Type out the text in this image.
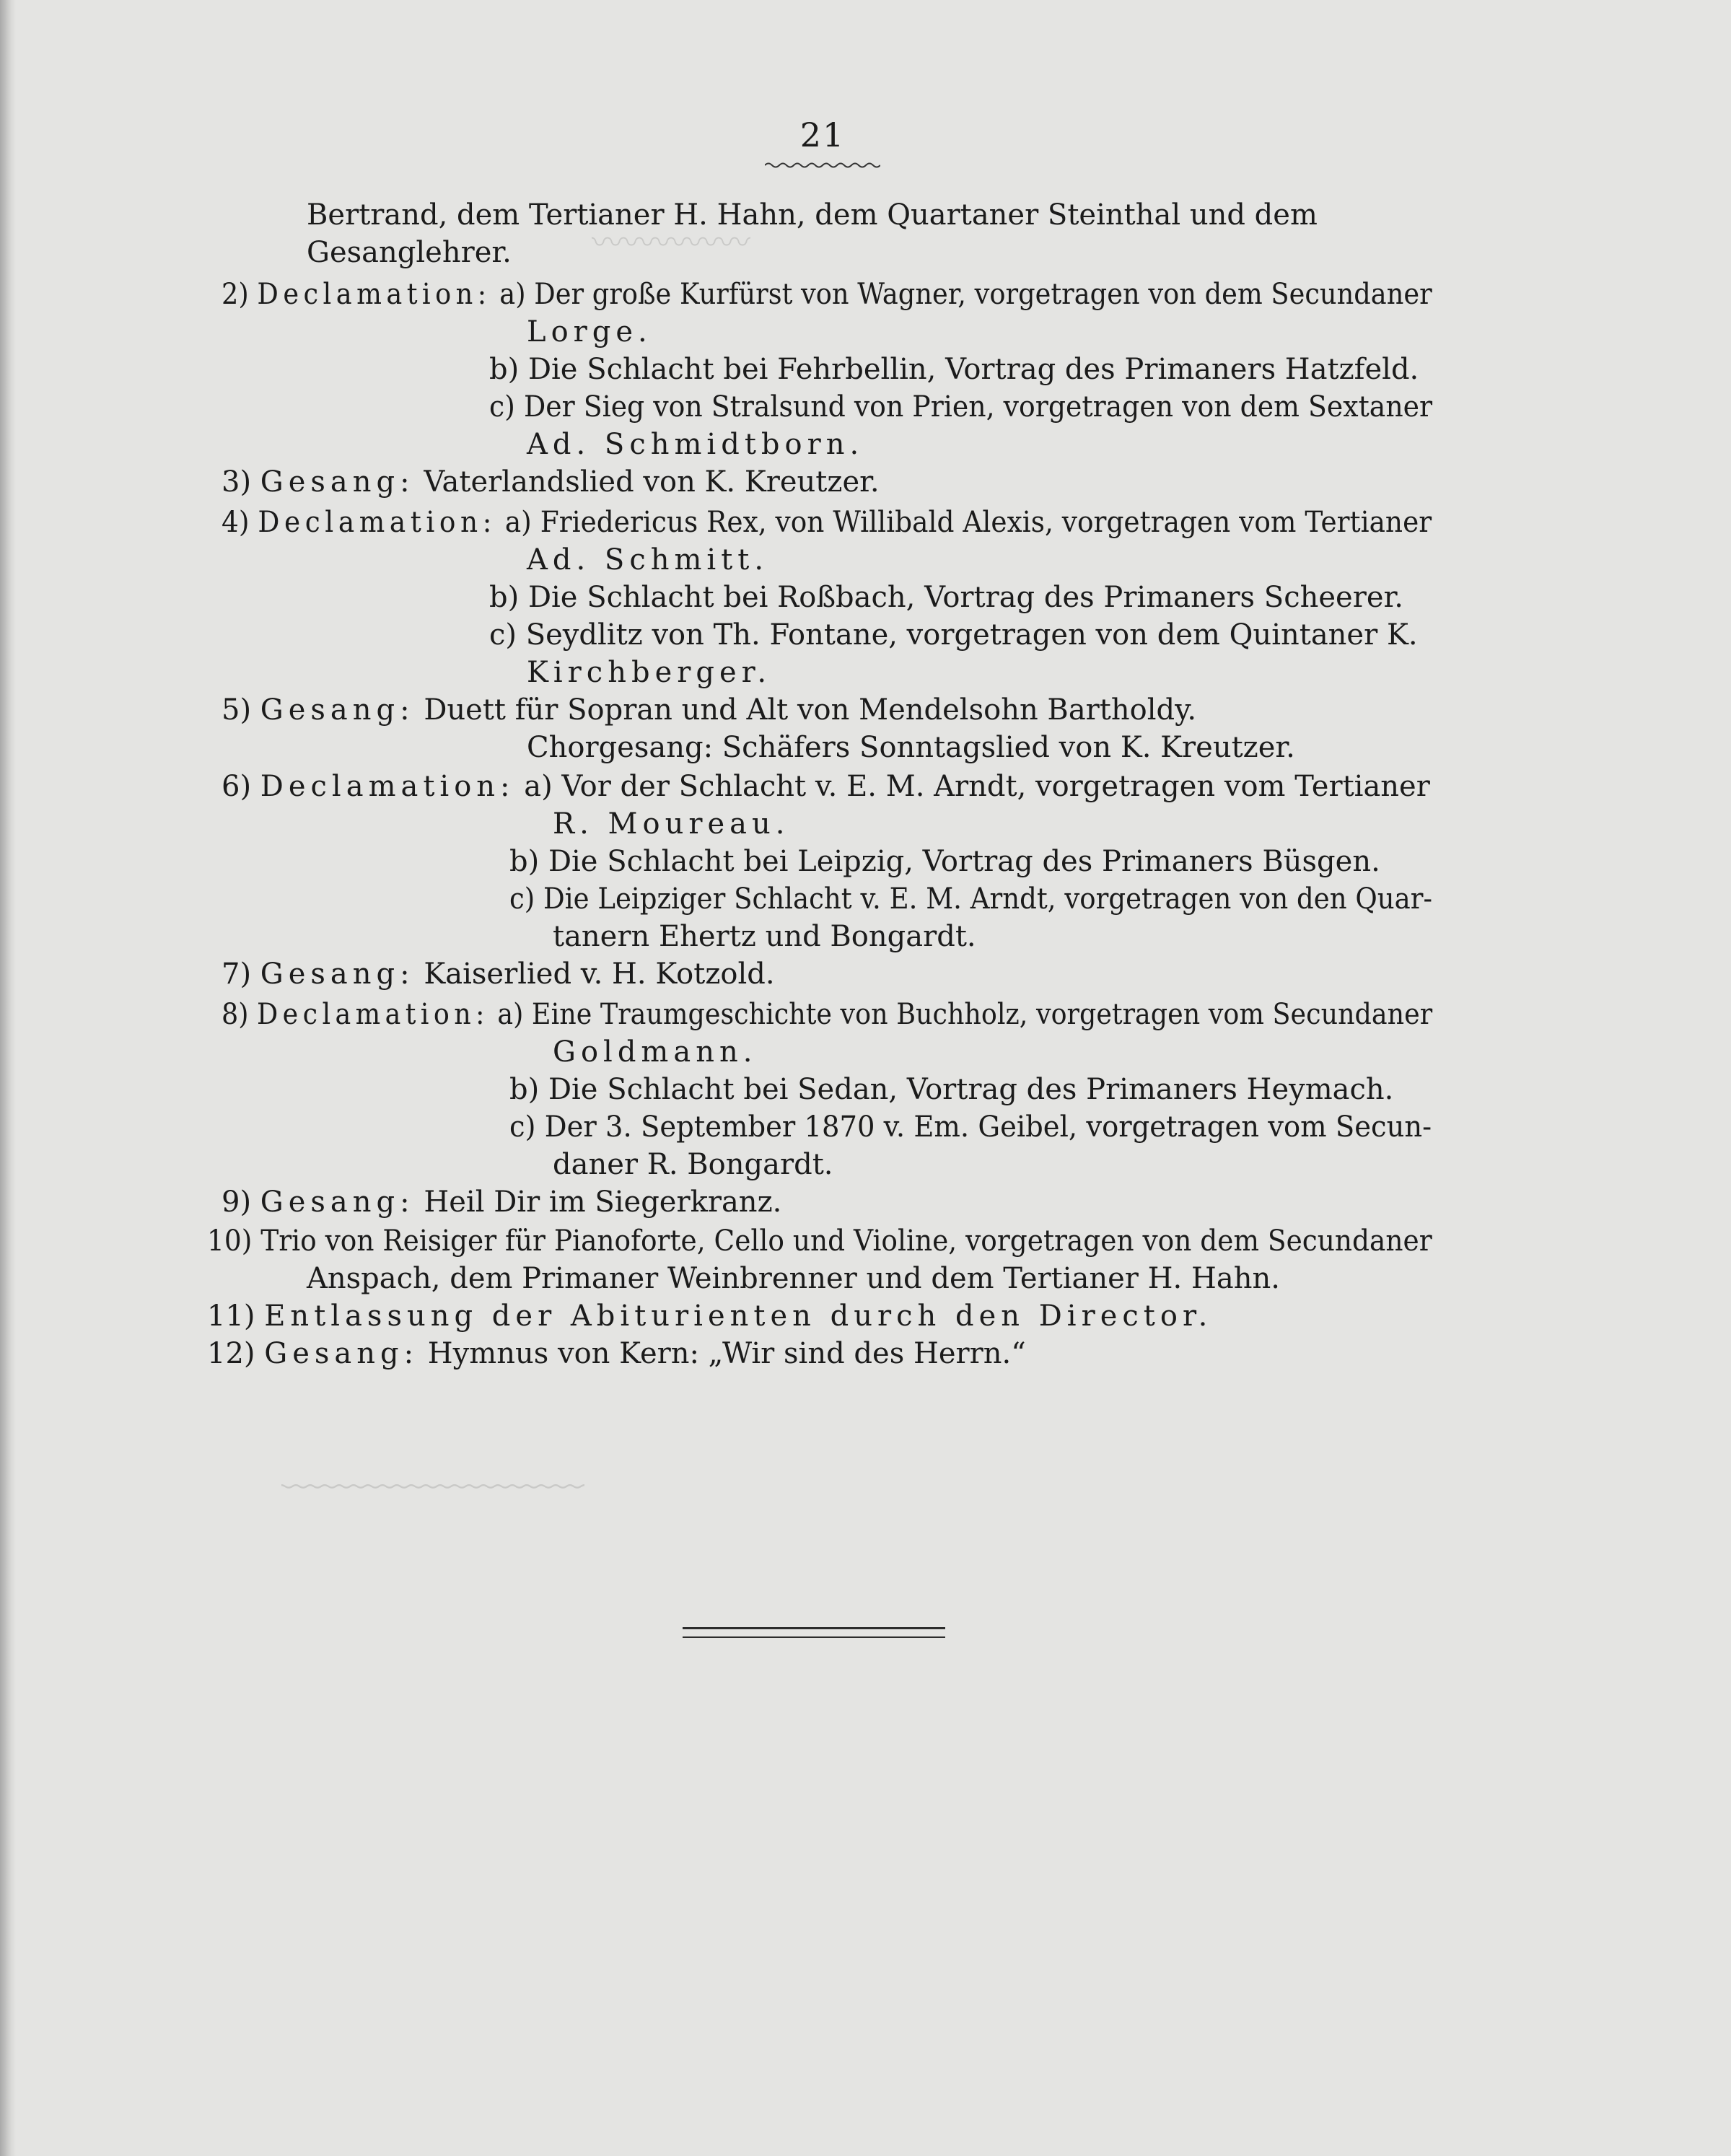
21
〰〰〰〰〰
﹏﹏﹏﹏﹏﹏﹏
Bertrand, dem Tertianer H. Hahn, dem Quartaner Steinthal und dem
Gesanglehrer.
2) Declamation: a) Der große Kurfürst von Wagner, vorgetragen von dem Secundaner
Lorge.
b) Die Schlacht bei Fehrbellin, Vortrag des Primaners Hatzfeld.
c) Der Sieg von Stralsund von Prien, vorgetragen von dem Sextaner
Ad. Schmidtborn.
3) Gesang: Vaterlandslied von K. Kreutzer.
4) Declamation: a) Friedericus Rex, von Willibald Alexis, vorgetragen vom Tertianer
Ad. Schmitt.
b) Die Schlacht bei Roßbach, Vortrag des Primaners Scheerer.
c) Seydlitz von Th. Fontane, vorgetragen von dem Quintaner K.
Kirchberger.
5) Gesang: Duett für Sopran und Alt von Mendelsohn Bartholdy.
Chorgesang: Schäfers Sonntagslied von K. Kreutzer.
6) Declamation: a) Vor der Schlacht v. E. M. Arndt, vorgetragen vom Tertianer
R. Moureau.
b) Die Schlacht bei Leipzig, Vortrag des Primaners Büsgen.
c) Die Leipziger Schlacht v. E. M. Arndt, vorgetragen von den Quar-
tanern Ehertz und Bongardt.
7) Gesang: Kaiserlied v. H. Kotzold.
8) Declamation: a) Eine Traumgeschichte von Buchholz, vorgetragen vom Secundaner
Goldmann.
b) Die Schlacht bei Sedan, Vortrag des Primaners Heymach.
c) Der 3. September 1870 v. Em. Geibel, vorgetragen vom Secun-
daner R. Bongardt.
9) Gesang: Heil Dir im Siegerkranz.
10) Trio von Reisiger für Pianoforte, Cello und Violine, vorgetragen von dem Secundaner
Anspach, dem Primaner Weinbrenner und dem Tertianer H. Hahn.
11) Entlassung der Abiturienten durch den Director.
12) Gesang: Hymnus von Kern: „Wir sind des Herrn.“
